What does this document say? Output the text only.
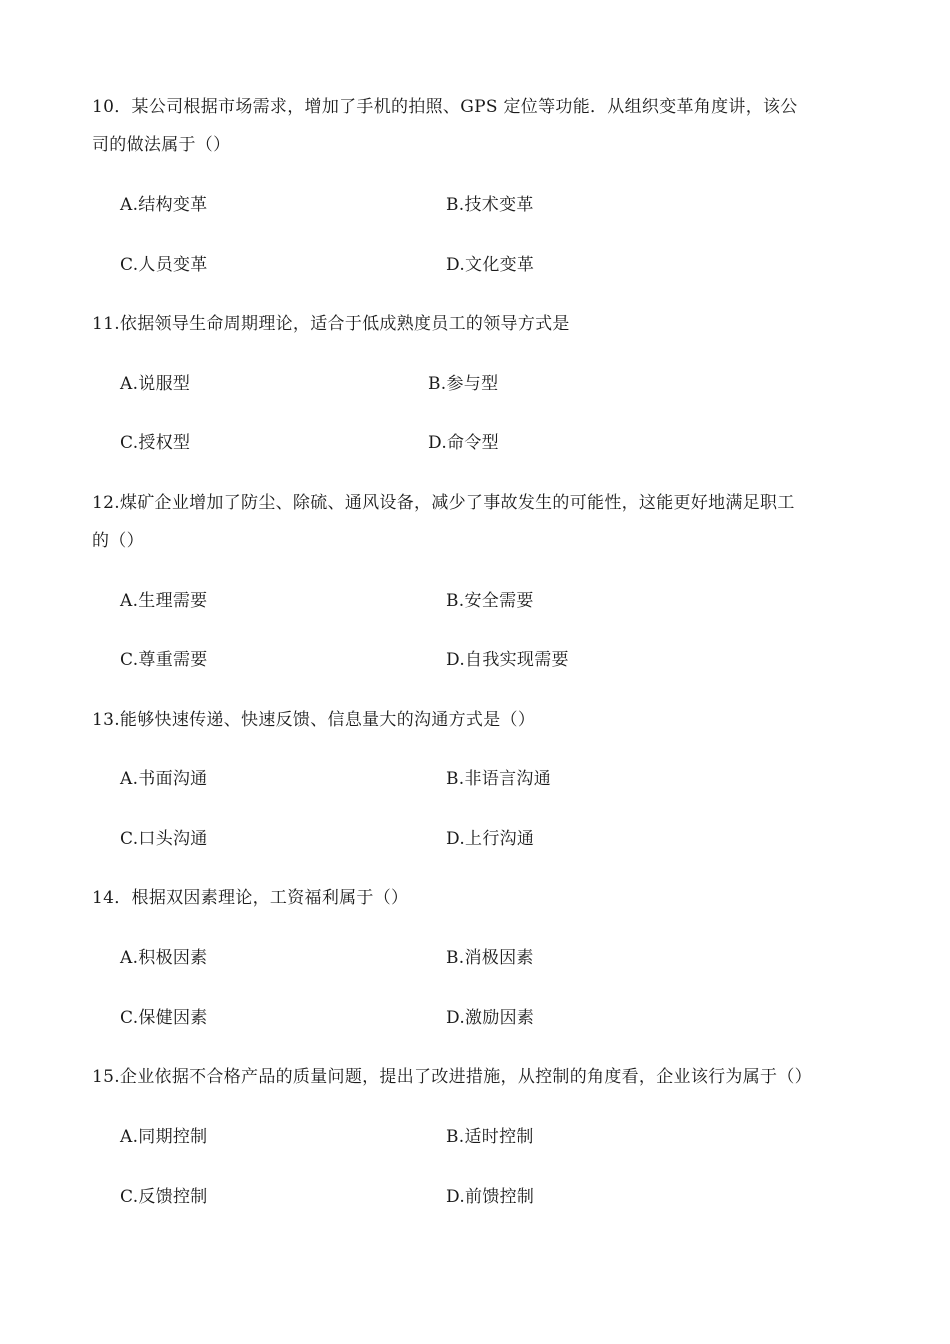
10．某公司根据市场需求，增加了手机的拍照、GPS 定位等功能．从组织变革角度讲，该公
司的做法属于（）
A.结构变革	B.技术变革
C.人员变革	D.文化变革
11.依据领导生命周期理论，适合于低成熟度员工的领导方式是
A.说服型	B.参与型
C.授权型	D.命令型
12.煤矿企业增加了防尘、除硫、通风设备，减少了事故发生的可能性，这能更好地满足职工
的（）
A.生理需要	B.安全需要
C.尊重需要	D.自我实现需要
13.能够快速传递、快速反馈、信息量大的沟通方式是（）
A.书面沟通	B.非语言沟通
C.口头沟通	D.上行沟通
14．根据双因素理论，工资福利属于（）
A.积极因素	B.消极因素
C.保健因素	D.激励因素
15.企业依据不合格产品的质量问题，提出了改进措施，从控制的角度看，企业该行为属于（）
A.同期控制	B.适时控制
C.反馈控制	D.前馈控制
